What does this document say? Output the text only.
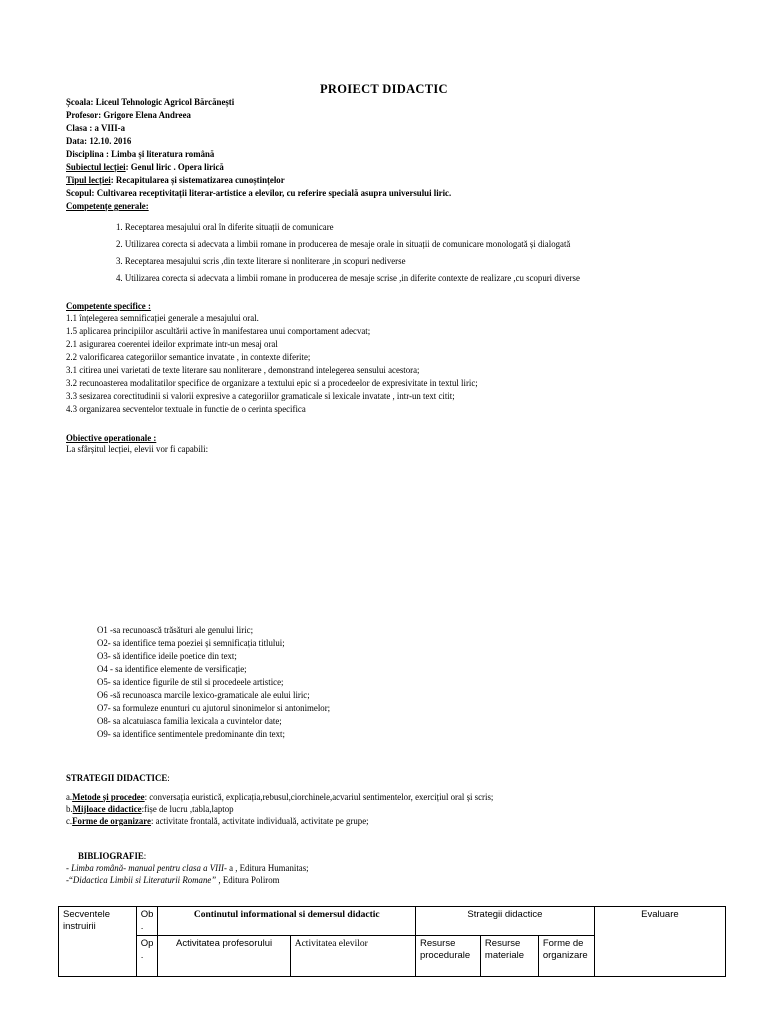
PROIECT DIDACTIC
Școala: Liceul Tehnologic Agricol Bărcănești
Profesor: Grigore Elena Andreea
Clasa : a VIII-a
Data: 12.10. 2016
Disciplina : Limba și literatura română
Subiectul lecției: Genul liric . Opera lirică
Tipul lecției: Recapitularea și sistematizarea cunoștințelor
Scopul: Cultivarea receptivitații literar-artistice a elevilor, cu referire specială asupra universului liric.
Competențe generale:
1. Receptarea mesajului oral în diferite situații de comunicare
2. Utilizarea corecta si adecvata a limbii romane in producerea de mesaje orale in situații de comunicare monologată și dialogată
3. Receptarea mesajului scris ,din texte literare si nonliterare ,in scopuri nediverse
4. Utilizarea corecta si adecvata a limbii romane in producerea de mesaje scrise ,in diferite contexte de realizare ,cu scopuri diverse
Competente specifice :
1.1 înțelegerea semnificației generale a mesajului oral.
1.5 aplicarea principiilor ascultării active în manifestarea unui comportament adecvat;
2.1 asigurarea coerentei ideilor exprimate intr-un mesaj oral
2.2 valorificarea categoriilor semantice invatate , in contexte diferite;
3.1 citirea unei varietati de texte literare sau nonliterare , demonstrand intelegerea sensului acestora;
3.2 recunoasterea modalitatilor specifice de organizare a textului epic si a procedeelor de expresivitate in textul liric;
3.3 sesizarea corectitudinii si valorii expresive a categoriilor gramaticale si lexicale invatate , intr-un text citit;
4.3 organizarea secventelor textuale in functie de o cerinta specifica
Obiective operationale :
La sfârșitul lecției, elevii vor fi capabili:
O1 -sa recunoască trăsături ale genului liric;
O2- sa identifice tema poeziei și semnificația titlului;
O3- să identifice ideile poetice din text;
O4 - sa identifice elemente de versificație;
O5- sa identice figurile de stil si procedeele artistice;
O6 -să recunoasca marcile lexico-gramaticale ale eului liric;
O7- sa formuleze enunturi cu ajutorul sinonimelor si antonimelor;
O8- sa alcatuiasca familia lexicala a cuvintelor date;
O9- sa identifice sentimentele predominante din text;
STRATEGII DIDACTICE:
a.Metode și procedee: conversația euristică, explicația,rebusul,ciorchinele,acvariul sentimentelor, exercițiul oral și scris;
b.Mijloace didactice:fișe de lucru ,tabla,laptop
c.Forme de organizare: activitate frontală, activitate individuală, activitate pe grupe;
BIBLIOGRAFIE:
- Limba română- manual pentru clasa a VIII- a , Editura Humanitas;
-“Didactica Limbii si Literaturii Romane” , Editura Polirom
Secventele instruirii	Ob .	Continutul informational si demersul didactic		Strategii didactice			Evaluare
	Op .	Activitatea profesorului	Activitatea elevilor	Resurse procedurale	Resurse materiale	Forme de organizare	
